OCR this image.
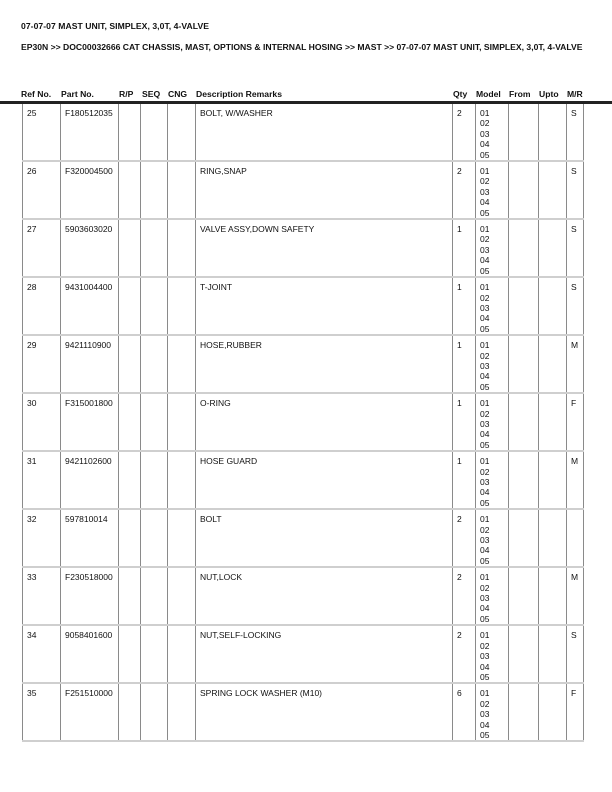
07-07-07 MAST UNIT, SIMPLEX, 3,0T, 4-VALVE
EP30N >> DOC00032666 CAT CHASSIS, MAST, OPTIONS & INTERNAL HOSING >> MAST >> 07-07-07 MAST UNIT, SIMPLEX, 3,0T, 4-VALVE
Ref No. Part No.	R/P SEQ CNG Description Remarks	Qty Model From Upto M/R
25	F180512035				BOLT, W/WASHER	2	01
02
03
04
05			S
26	F320004500				RING,SNAP	2	01
02
03
04
05			S
27	5903603020				VALVE ASSY,DOWN SAFETY	1	01
02
03
04
05			S
28	9431004400				T-JOINT	1	01
02
03
04
05			S
29	9421110900				HOSE,RUBBER	1	01
02
03
04
05			M
30	F315001800				O-RING	1	01
02
03
04
05			F
31	9421102600				HOSE GUARD	1	01
02
03
04
05			M
32	597810014				BOLT	2	01
02
03
04
05			

33	F230518000				NUT,LOCK	2	01
02
03
04
05			M
34	9058401600				NUT,SELF-LOCKING	2	01
02
03
04
05			S
35	F251510000				SPRING LOCK WASHER (M10)	6	01
02
03
04
05			F
